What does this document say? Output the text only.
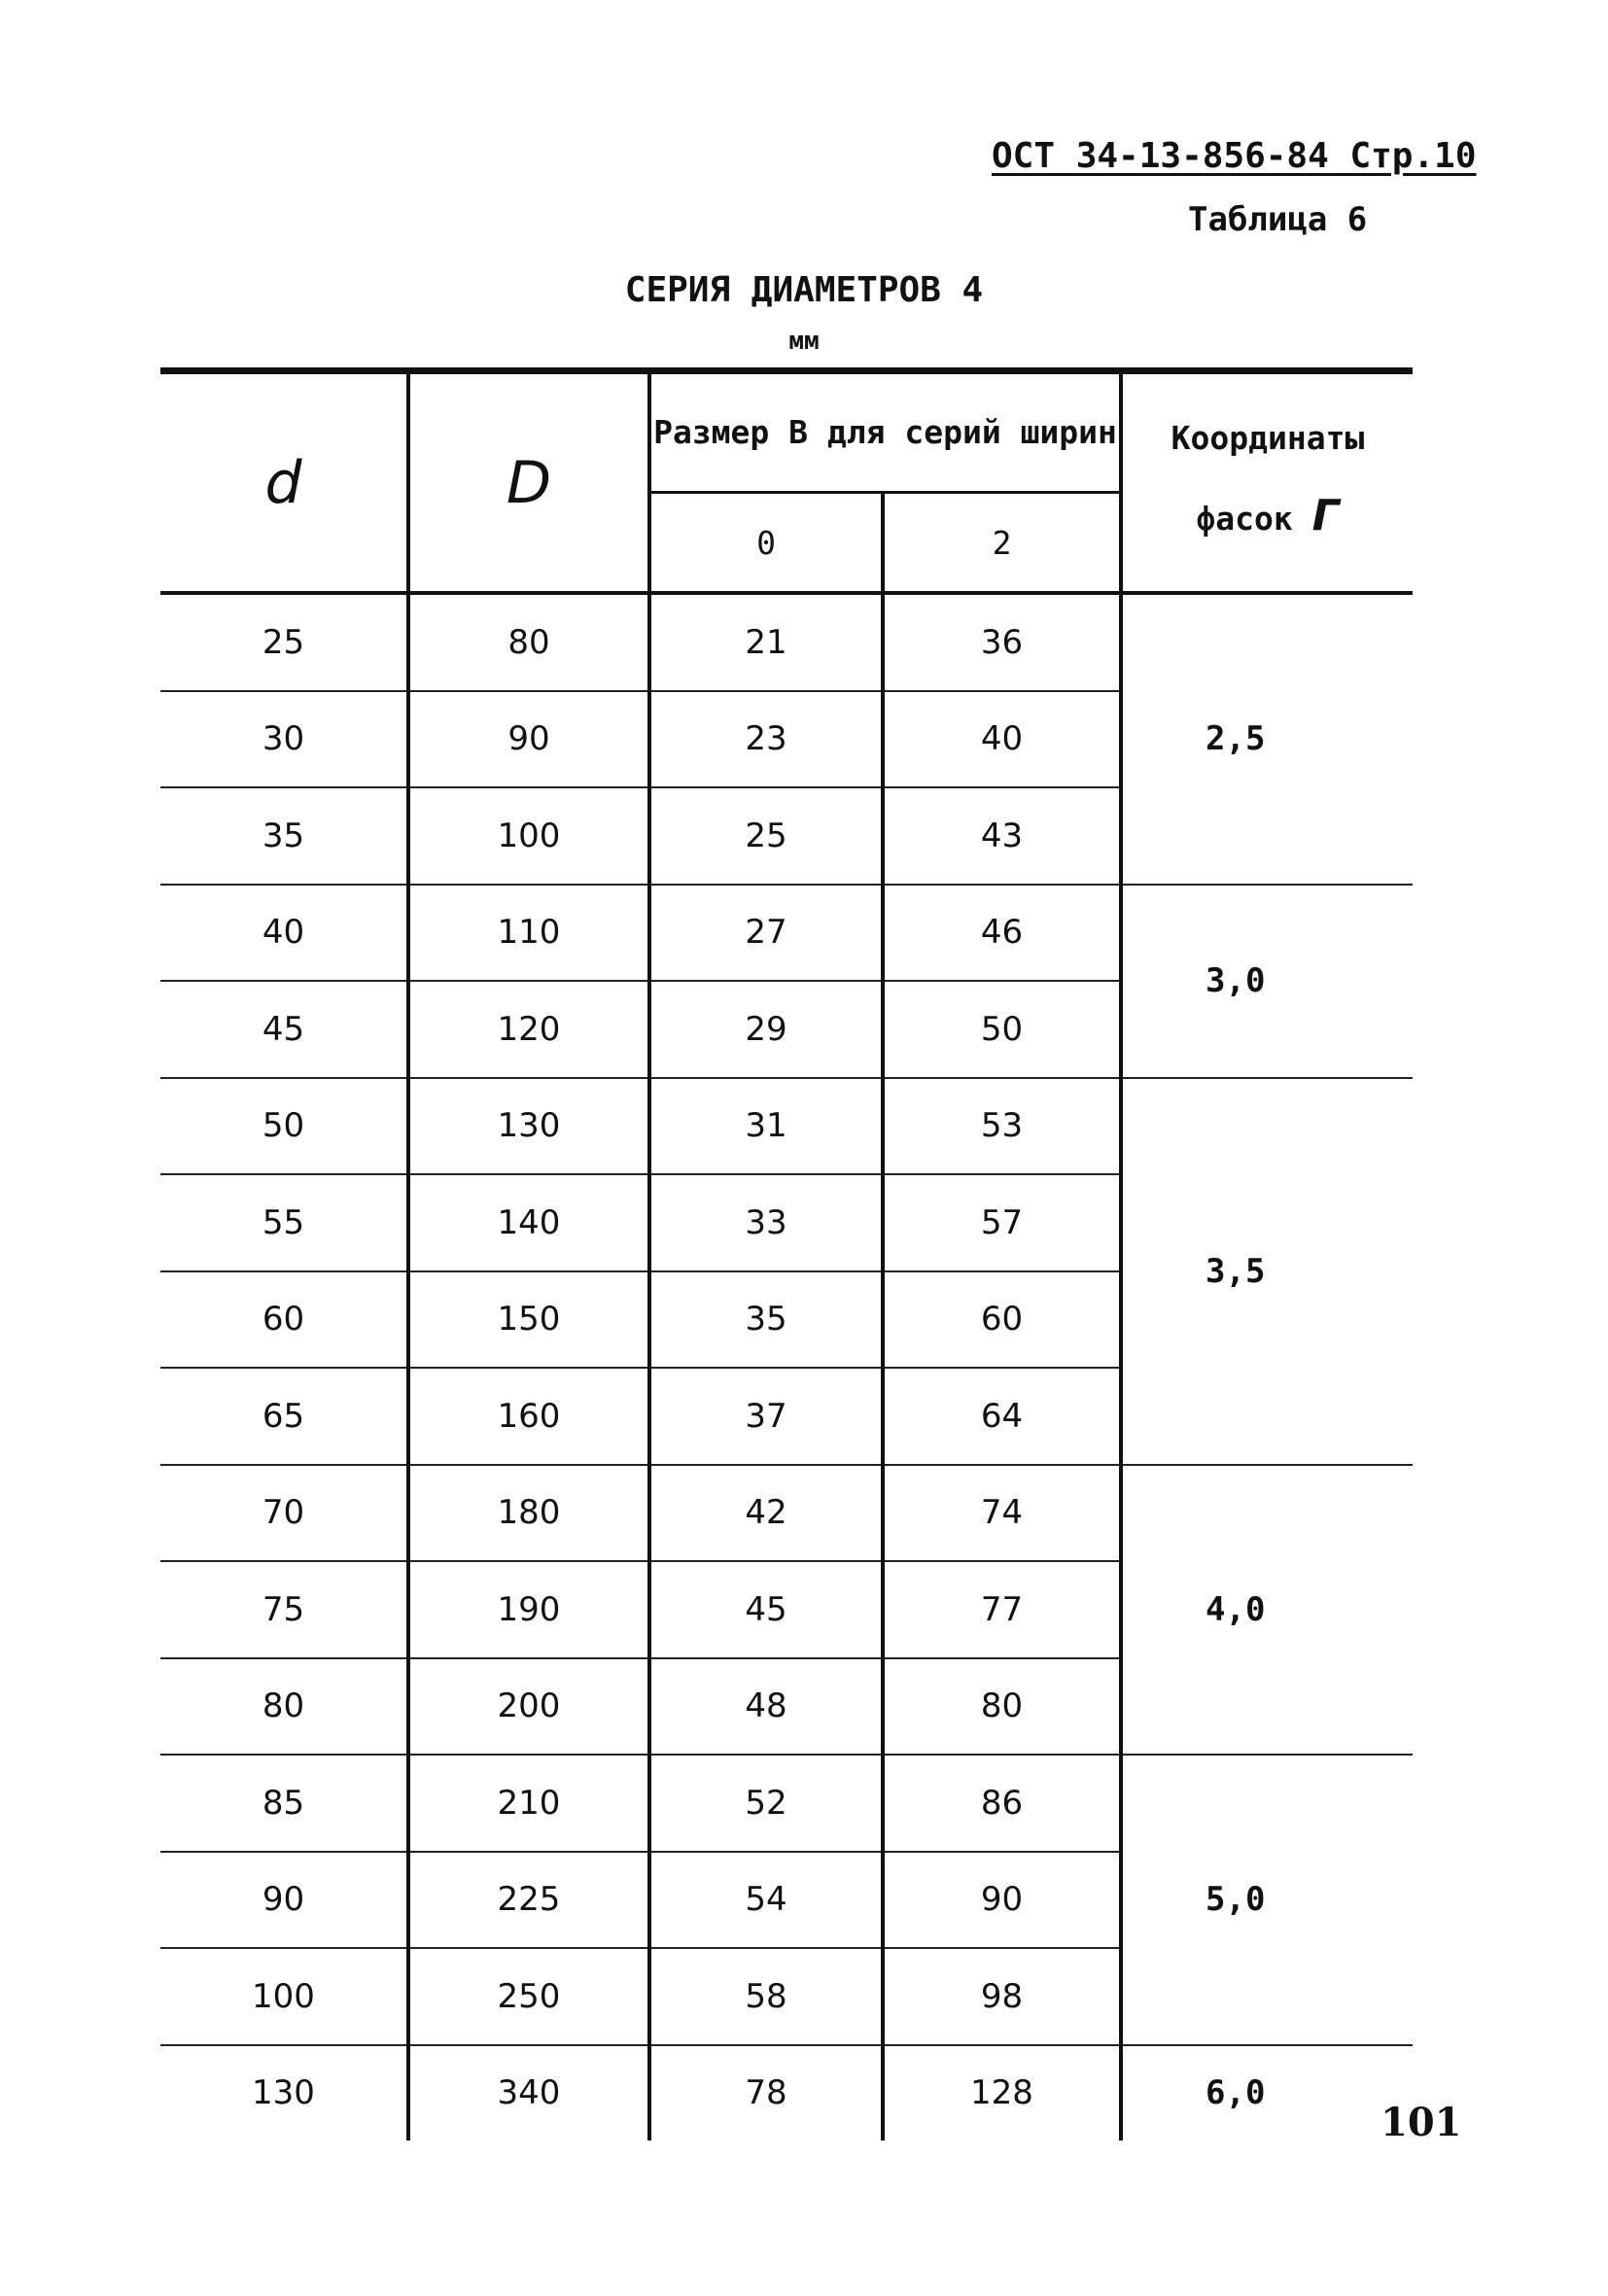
ОСТ 34-13-856-84 Стр.10
Таблица 6
СЕРИЯ ДИАМЕТРОВ 4
мм
d	D	Размер В для серий ширин		Координаты фасок Г
		0	2	
25	80	21	36	2,5
30	90	23	40	
35	100	25	43	
40	110	27	46	3,0
45	120	29	50	
50	130	31	53	3,5
55	140	33	57	
60	150	35	60	
65	160	37	64	
70	180	42	74	4,0
75	190	45	77	
80	200	48	80	
85	210	52	86	5,0
90	225	54	90	
100	250	58	98	
130	340	78	128	6,0
101
